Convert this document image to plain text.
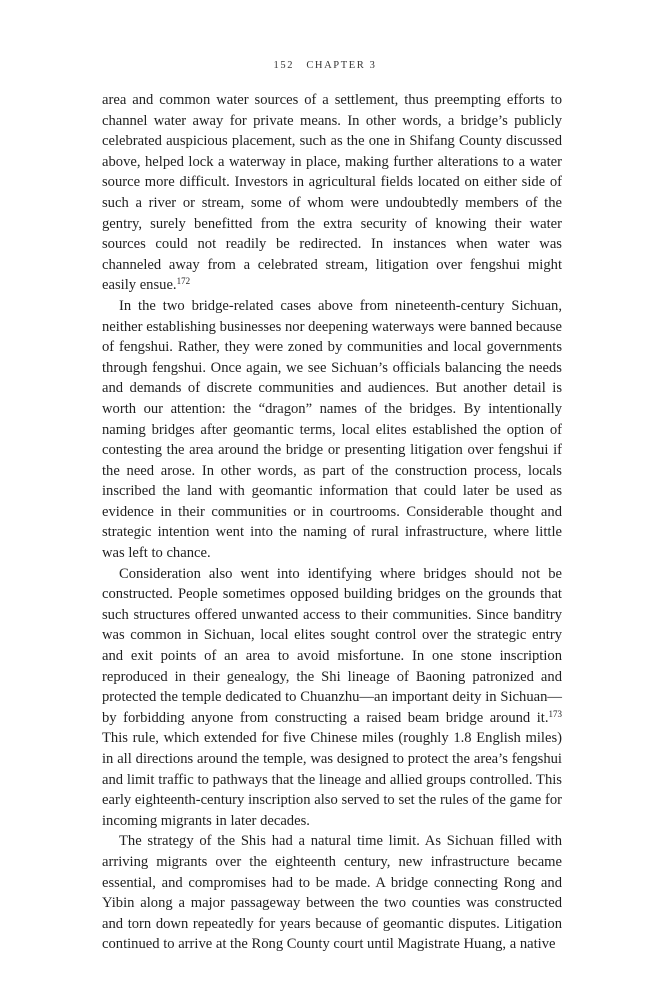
152 CHAPTER 3

area and common water sources of a settlement, thus preempting efforts to channel water away for private means. In other words, a bridge’s publicly celebrated auspicious placement, such as the one in Shifang County discussed above, helped lock a waterway in place, making further alterations to a water source more difficult. Investors in agricultural fields located on either side of such a river or stream, some of whom were undoubtedly members of the gentry, surely benefitted from the extra security of knowing their water sources could not readily be redirected. In instances when water was channeled away from a celebrated stream, litigation over fengshui might easily ensue.$^{172}$

In the two bridge-related cases above from nineteenth-century Sichuan, neither establishing businesses nor deepening waterways were banned because of fengshui. Rather, they were zoned by communities and local governments through fengshui. Once again, we see Sichuan’s officials balancing the needs and demands of discrete communities and audiences. But another detail is worth our attention: the “dragon” names of the bridges. By intentionally naming bridges after geomantic terms, local elites established the option of contesting the area around the bridge or presenting litigation over fengshui if the need arose. In other words, as part of the construction process, locals inscribed the land with geomantic information that could later be used as evidence in their communities or in courtrooms. Considerable thought and strategic intention went into the naming of rural infrastructure, where little was left to chance.

Consideration also went into identifying where bridges should not be constructed. People sometimes opposed building bridges on the grounds that such structures offered unwanted access to their communities. Since banditry was common in Sichuan, local elites sought control over the strategic entry and exit points of an area to avoid misfortune. In one stone inscription reproduced in their genealogy, the Shi lineage of Baoning patronized and protected the temple dedicated to Chuanzhu—an important deity in Sichuan—by forbidding anyone from constructing a raised beam bridge around it.$^{173}$ This rule, which extended for five Chinese miles (roughly 1.8 English miles) in all directions around the temple, was designed to protect the area’s fengshui and limit traffic to pathways that the lineage and allied groups controlled. This early eighteenth-century inscription also served to set the rules of the game for incoming migrants in later decades.

The strategy of the Shis had a natural time limit. As Sichuan filled with arriving migrants over the eighteenth century, new infrastructure became essential, and compromises had to be made. A bridge connecting Rong and Yibin along a major passageway between the two counties was constructed and torn down repeatedly for years because of geomantic disputes. Litigation continued to arrive at the Rong County court until Magistrate Huang, a native
